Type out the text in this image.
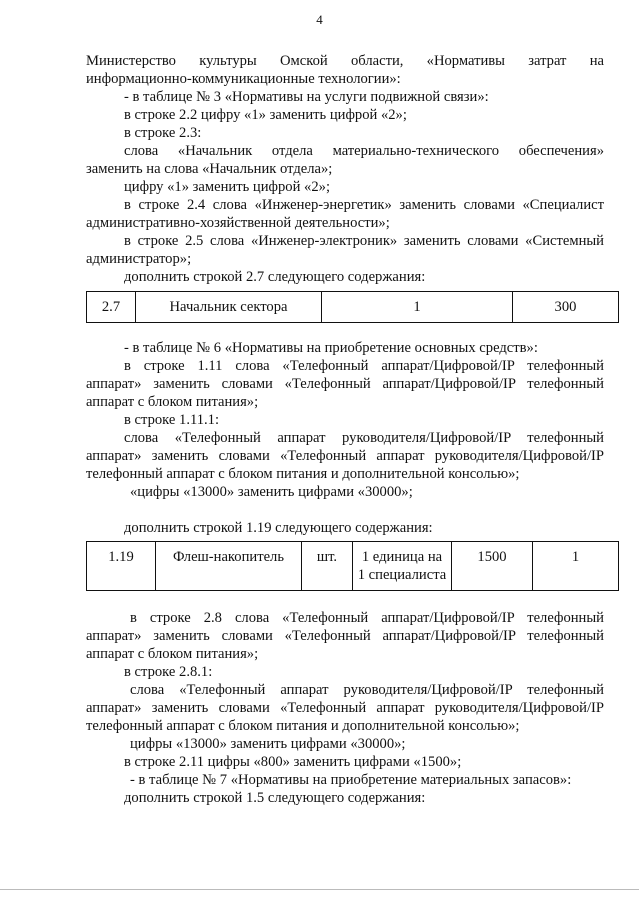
4

Министерство культуры Омской области, «Нормативы затрат на

информационно-коммуникационные технологии»:

- в таблице № 3 «Нормативы на услуги подвижной связи»:

в строке 2.2 цифру «1» заменить цифрой «2»;

в строке 2.3:

слова «Начальник отдела материально-технического обеспечения»

заменить на слова «Начальник отдела»;

цифру «1» заменить цифрой «2»;

в строке 2.4 слова «Инженер-энергетик» заменить словами «Специалист

административно-хозяйственной деятельности»;

в строке 2.5 слова «Инженер-электроник» заменить словами «Системный

администратор»;

дополнить строкой 2.7 следующего содержания:

2.7	Начальник сектора	1	300

- в таблице № 6 «Нормативы на приобретение основных средств»:

в строке 1.11 слова «Телефонный аппарат/Цифровой/IP телефонный

аппарат» заменить словами «Телефонный аппарат/Цифровой/IP телефонный

аппарат с блоком питания»;

в строке 1.11.1:

слова «Телефонный аппарат руководителя/Цифровой/IP телефонный

аппарат» заменить словами «Телефонный аппарат руководителя/Цифровой/IP

телефонный аппарат с блоком питания и дополнительной консолью»;

«цифры «13000» заменить цифрами «30000»;

дополнить строкой 1.19 следующего содержания:

1.19	Флеш-накопитель	шт.	1 единица на
1 специалиста
	1500	1

в строке 2.8 слова «Телефонный аппарат/Цифровой/IP телефонный

аппарат» заменить словами «Телефонный аппарат/Цифровой/IP телефонный

аппарат с блоком питания»;

в строке 2.8.1:

слова «Телефонный аппарат руководителя/Цифровой/IP телефонный

аппарат» заменить словами «Телефонный аппарат руководителя/Цифровой/IP

телефонный аппарат с блоком питания и дополнительной консолью»;

цифры «13000» заменить цифрами «30000»;

в строке 2.11 цифры «800» заменить цифрами «1500»;

- в таблице № 7 «Нормативы на приобретение материальных запасов»:

дополнить строкой 1.5 следующего содержания:
